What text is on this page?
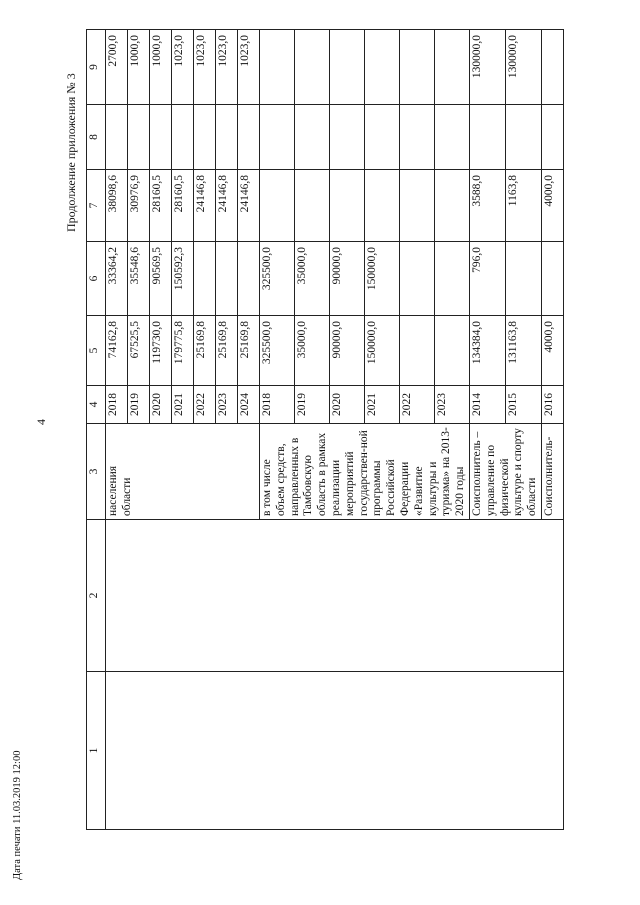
4
Продолжение приложения № 3
Дата печати 11.03.2019 12:00
1	2	3	4	5	6	7	8	9
		населения области	2018	74162,8	33364,2	38098,6		2700,0
			2019	67525,5	35548,6	30976,9		1000,0
			2020	119730,0	90569,5	28160,5		1000,0
			2021	179775,8	150592,3	28160,5		1023,0
			2022	25169,8		24146,8		1023,0
			2023	25169,8		24146,8		1023,0
			2024	25169,8		24146,8		1023,0
		в том числе объем средств, направленных в Тамбовскую область в рамках реализации мероприятий государствен-ной программы Российской Федерации «Развитие культуры и туризма» на 2013-2020 годы	2018	325500,0	325500,0			
			2019	35000,0	35000,0			
			2020	90000,0	90000,0			
			2021	150000,0	150000,0			
			2022					
			2023					
		Соисполнитель – управление по физической культуре и спорту области	2014	134384,0	796,0	3588,0		130000,0
			2015	131163,8		1163,8		130000,0
		Соисполнитель-	2016	4000,0		4000,0		
